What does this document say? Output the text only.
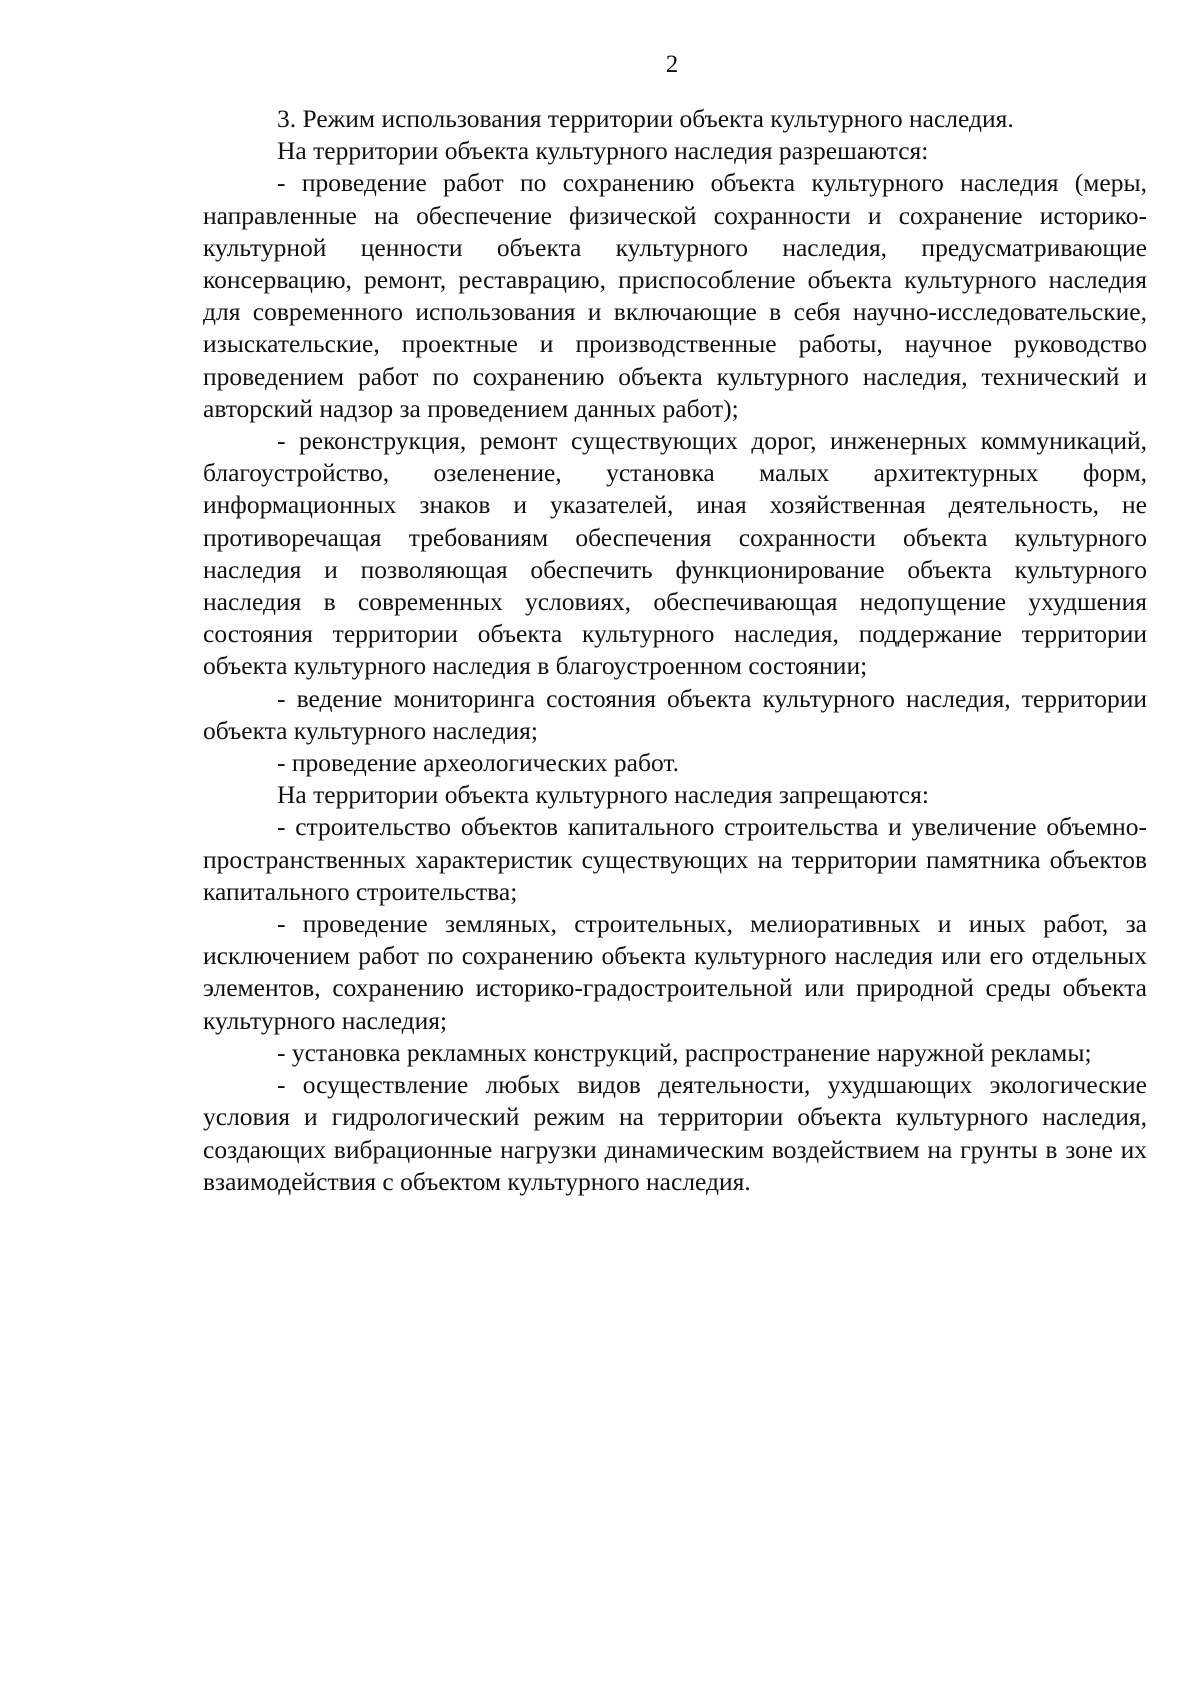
2

3. Режим использования территории объекта культурного наследия.

На территории объекта культурного наследия разрешаются:

- проведение работ по сохранению объекта культурного наследия (меры, направленные на обеспечение физической сохранности и сохранение историко-культурной ценности объекта культурного наследия, предусматривающие консервацию, ремонт, реставрацию, приспособление объекта культурного наследия для современного использования и включающие в себя научно-исследовательские, изыскательские, проектные и производственные работы, научное руководство проведением работ по сохранению объекта культурного наследия, технический и авторский надзор за проведением данных работ);

- реконструкция, ремонт существующих дорог, инженерных коммуникаций, благоустройство, озеленение, установка малых архитектурных форм, информационных знаков и указателей, иная хозяйственная деятельность, не противоречащая требованиям обеспечения сохранности объекта культурного наследия и позволяющая обеспечить функционирование объекта культурного наследия в современных условиях, обеспечивающая недопущение ухудшения состояния территории объекта культурного наследия, поддержание территории объекта культурного наследия в благоустроенном состоянии;

- ведение мониторинга состояния объекта культурного наследия, территории объекта культурного наследия;

- проведение археологических работ.

На территории объекта культурного наследия запрещаются:

- строительство объектов капитального строительства и увеличение объемно-пространственных характеристик существующих на территории памятника объектов капитального строительства;

- проведение земляных, строительных, мелиоративных и иных работ, за исключением работ по сохранению объекта культурного наследия или его отдельных элементов, сохранению историко-градостроительной или природной среды объекта культурного наследия;

- установка рекламных конструкций, распространение наружной рекламы;

- осуществление любых видов деятельности, ухудшающих экологические условия и гидрологический режим на территории объекта культурного наследия, создающих вибрационные нагрузки динамическим воздействием на грунты в зоне их взаимодействия с объектом культурного наследия.
